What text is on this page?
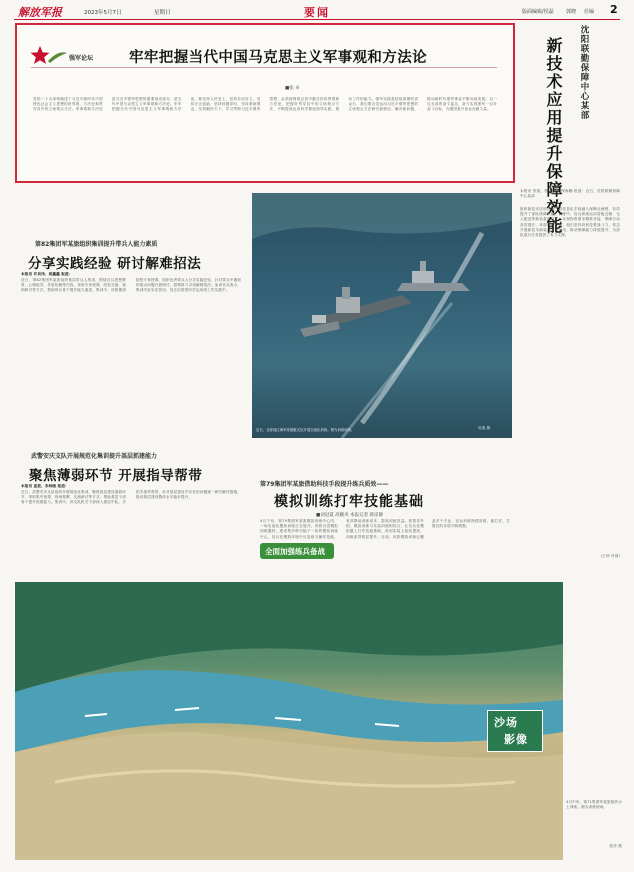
解放军报	2023年5月7日	星期日	要闻	版面编辑/侯磊 郭晓 任编 2
强军论坛 牢牢把握当代中国马克思主义军事观和方法论
■张 卓
党的二十大深刻阐述了习近平新时代中国特色社会主义思想的世界观、方法论和贯穿其中的立场观点方法。军事观和方法论是习近平强军思想的重要组成部分，是当代中国马克思主义军事观和方法论。牢牢把握当代中国马克思主义军事观和方法论，要坚持人民至上，坚持自信自立，坚持守正创新，坚持问题导向，坚持系统观念，坚持胸怀天下。学习贯彻习近平强军思想，必须深刻领会其中蕴含的世界观和方法论，把握好贯穿其中的立场观点方法，不断提高运用科学理论指导实践、推动工作的能力。强军实践是检验真理的试金石，我们要自觉运用习近平强军思想的立场观点方法研究新情况、解决新问题，推动新时代强军事业不断向前发展。以一往无前的奋斗姿态，奋力实现建军一百年奋斗目标，为强国复兴伟业贡献力量。	沈阳联勤保障中心某部
新技术应用提升保障效能
本报讯 张韬、特约记者 保海鹏 报道：近日，沈阳联勤保障中心某部
组织新技术应用训练，将信息化手段融入保障全流程，有效提升了部队保障效能。训练中，官兵熟练运用智能仓储、无人配送等新装备新技术，实现物资需求精准对接、保障行动高效展开。该部领导介绍，他们坚持向科技要战斗力，常态开展新技术新装备学习运用，推动保障能力持续提升，为部队遂行任务提供了有力支撑。
(王帅 肖婧)
第82集团军某旅组织集训提升带兵人能力素质
分享实践经验 研讨解难招法
本报讯 许昊伟、周鑫鑫 报道：
近日，第82集团军某旅组织基层带兵人集训，围绕官兵思想教育、心理疏导、矛盾化解等内容，采取专家授课、经验交流、案例研讨等方式，帮助带兵骨干提升能力素质。集训中，该旅邀请院校专家授课，组织优秀带兵人分享实践经验，针对带兵中遇到的难点问题开展研讨，群策群力寻找解难招法。参训官兵表示，集训内容实在管用，回去后将把所学运用到工作实践中。
武警安庆支队开展规范化集训提升基层抓建能力
聚焦薄弱环节 开展指导帮带
本报讯 夏波、李林刚 报道：
近日，武警安庆支队组织开展规范化集训，聚焦基层建设薄弱环节，采取集中授课、现场观摩、交流研讨等方式，帮助基层干部骨干提升抓建能力。集训中，该支队机关干部深入基层中队，手把手指导帮带，针对基层建设中存在的问题逐一研究解决措施，推动基层建设整体水平稳步提升。
近日，北部战区海军某舰艇支队开展实战化训练。图为训练现场。	吴迪 摄
第79集团军某旅借助科技手段提升练兵质效——
模拟训练打牢技能基础
■刘冠夏 高婉央 本报记者 薛彦静
全面加强练兵备战
4月下旬，第79集团军某旅模拟训练中心内，一场实战化模拟训练正在展开。该旅引进模拟训练器材，建成集多种功能于一体的模拟训练中心，官兵在模拟环境中反复练习操作技能，有效降低训练成本、提高训练效益。旅领导介绍，模拟训练与实装训练相结合，让官兵在模拟器上打牢技能基础，再到实装上检验提高，训练质效明显提升。目前，该旅模拟训练已覆盖多个专业，官兵训练热情高涨，能打仗、打胜仗的本领不断增强。
沙场
影像
4月中旬，第71集团军某旅组织水上训练。图为训练现场。
张彦 摄
